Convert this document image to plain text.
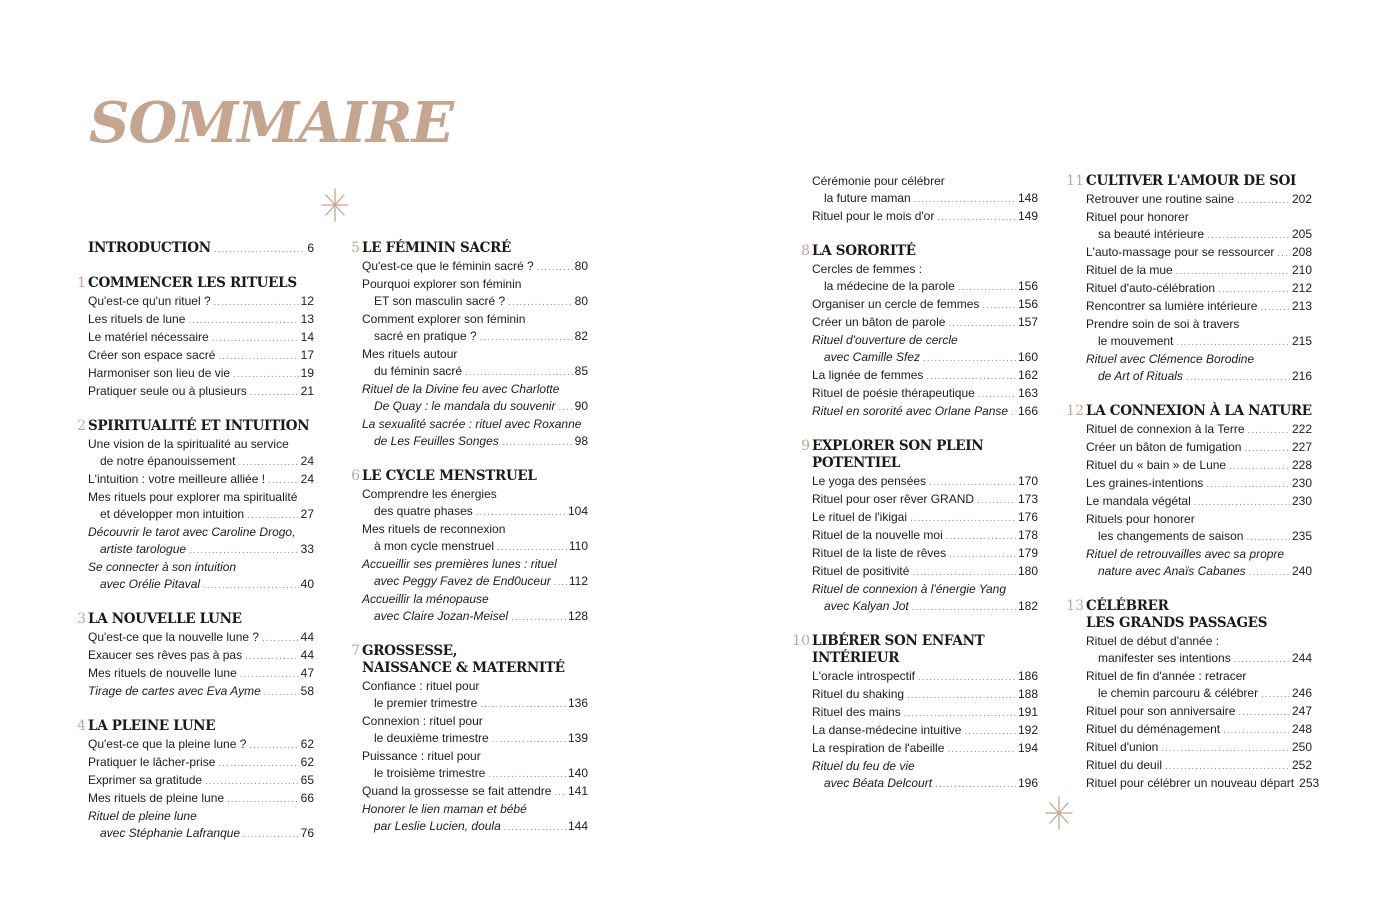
SOMMAIRE
INTRODUCTION .....	6
1 COMMENCER LES RITUELS
Qu'est-ce qu'un rituel ? .....	12
Les rituels de lune .....	13
Le matériel nécessaire .....	14
Créer son espace sacré .....	17
Harmoniser son lieu de vie .....	19
Pratiquer seule ou à plusieurs .....	21
2 SPIRITUALITÉ ET INTUITION
Une vision de la spiritualité au service
de notre épanouissement .....	24
L'intuition : votre meilleure alliée ! .....	24
Mes rituels pour explorer ma spiritualité
et développer mon intuition .....	27
Découvrir le tarot avec Caroline Drogo,
artiste tarologue .....	33
Se connecter à son intuition
avec Orélie Pitaval .....	40
3 LA NOUVELLE LUNE
Qu'est-ce que la nouvelle lune ? .....	44
Exaucer ses rêves pas à pas .....	44
Mes rituels de nouvelle lune .....	47
Tirage de cartes avec Eva Ayme .....	58
4 LA PLEINE LUNE
Qu'est-ce que la pleine lune ? .....	62
Pratiquer le lâcher-prise .....	62
Exprimer sa gratitude .....	65
Mes rituels de pleine lune .....	66
Rituel de pleine lune
avec Stéphanie Lafranque .....	76
5 LE FÉMININ SACRÉ
Qu'est-ce que le féminin sacré ? .....	80
Pourquoi explorer son féminin
ET son masculin sacré ? .....	80
Comment explorer son féminin
sacré en pratique ? .....	82
Mes rituels autour
du féminin sacré .....	85
Rituel de la Divine feu avec Charlotte
De Quay : le mandala du souvenir ..... 90
La sexualité sacrée : rituel avec Roxanne
de Les Feuilles Songes .....	98
6 LE CYCLE MENSTRUEL
Comprendre les énergies
des quatre phases .....	104
Mes rituels de reconnexion
à mon cycle menstruel .....	110
Accueillir ses premières lunes : rituel
avec Peggy Favez de End0uceur ..... 112
Accueillir la ménopause
avec Claire Jozan-Meisel .....	128
7 GROSSESSE,
NAISSANCE & MATERNITÉ
Confiance : rituel pour
le premier trimestre .....	136
Connexion : rituel pour
le deuxième trimestre .....	139
Puissance : rituel pour
le troisième trimestre .....	140
Quand la grossesse se fait attendre ..... 141
Honorer le lien maman et bébé
par Leslie Lucien, doula .....	144
Cérémonie pour célébrer
la future maman .....	148
Rituel pour le mois d'or .....	149
8 LA SORORITÉ
Cercles de femmes :
la médecine de la parole .....	156
Organiser un cercle de femmes .....	156
Créer un bâton de parole .....	157
Rituel d'ouverture de cercle
avec Camille Sfez .....	160
La lignée de femmes .....	162
Rituel de poésie thérapeutique .....	163
Rituel en sororité avec Orlane Panse ..... 166
9 EXPLORER SON PLEIN
POTENTIEL
Le yoga des pensées .....	170
Rituel pour oser rêver GRAND .....	173
Le rituel de l'ikigai .....	176
Rituel de la nouvelle moi .....	178
Rituel de la liste de rêves .....	179
Rituel de positivité .....	180
Rituel de connexion à l'énergie Yang
avec Kalyan Jot .....	182
10 LIBÉRER SON ENFANT
INTÉRIEUR
L'oracle introspectif .....	186
Rituel du shaking .....	188
Rituel des mains .....	191
La danse-médecine intuitive .....	192
La respiration de l'abeille .....	194
Rituel du feu de vie
avec Béata Delcourt .....	196
11 CULTIVER L'AMOUR DE SOI
Retrouver une routine saine .....	202
Rituel pour honorer
sa beauté intérieure .....	205
L'auto-massage pour se ressourcer ..... 208
Rituel de la mue .....	210
Rituel d'auto-célébration .....	212
Rencontrer sa lumière intérieure .....	213
Prendre soin de soi à travers
le mouvement .....	215
Rituel avec Clémence Borodine
de Art of Rituals .....	216
12 LA CONNEXION À LA NATURE
Rituel de connexion à la Terre .....	222
Créer un bâton de fumigation .....	227
Rituel du « bain » de Lune .....	228
Les graines-intentions .....	230
Le mandala végétal .....	230
Rituels pour honorer
les changements de saison .....	235
Rituel de retrouvailles avec sa propre
nature avec Anaïs Cabanes .....	240
13 CÉLÉBRER
LES GRANDS PASSAGES
Rituel de début d'année :
manifester ses intentions .....	244
Rituel de fin d'année : retracer
le chemin parcouru & célébrer .....	246
Rituel pour son anniversaire .....	247
Rituel du déménagement .....	248
Rituel d'union .....	250
Rituel du deuil .....	252
Rituel pour célébrer un nouveau départ 253
